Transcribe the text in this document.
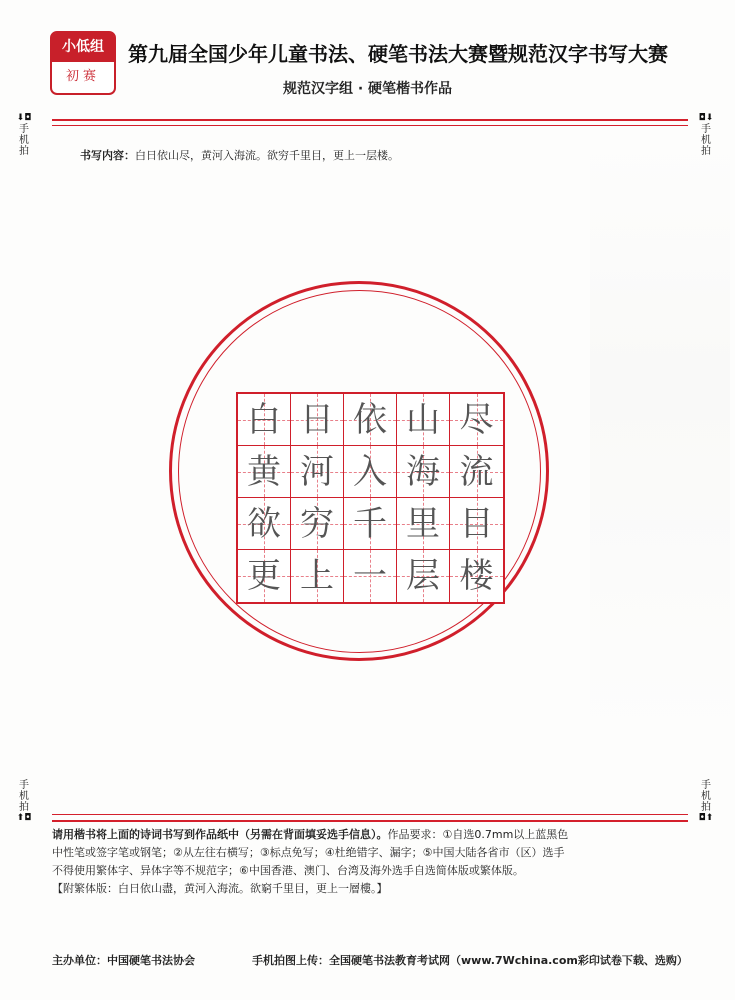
小低组
初赛
第九届全国少年儿童书法、硬笔书法大赛暨规范汉字书写大赛
规范汉字组 · 硬笔楷书作品
⬇◘
手
机
拍
◘⬇
手
机
拍
书写内容：白日依山尽，黄河入海流。欲穷千里目，更上一层楼。
白 日 依 山 尽
黄 河 入 海 流
欲 穷 千 里 目
更 上 一 层 楼
手
机
拍
⬆◘
手
机
拍
◘⬆

请用楷书将上面的诗词书写到作品纸中（另需在背面填妥选手信息）。作品要求：①自选0.7mm以上蓝黑色

中性笔或签字笔或钢笔；②从左往右横写；③标点免写；④杜绝错字、漏字；⑤中国大陆各省市（区）选手

不得使用繁体字、异体字等不规范字；⑥中国香港、澳门、台湾及海外选手自选简体版或繁体版。

【附繁体版：白日依山盡，黄河入海流。欲窮千里目，更上一層樓。】

主办单位：中国硬笔书法协会	手机拍图上传：全国硬笔书法教育考试网（www.7Wchina.com彩印试卷下载、选购）
